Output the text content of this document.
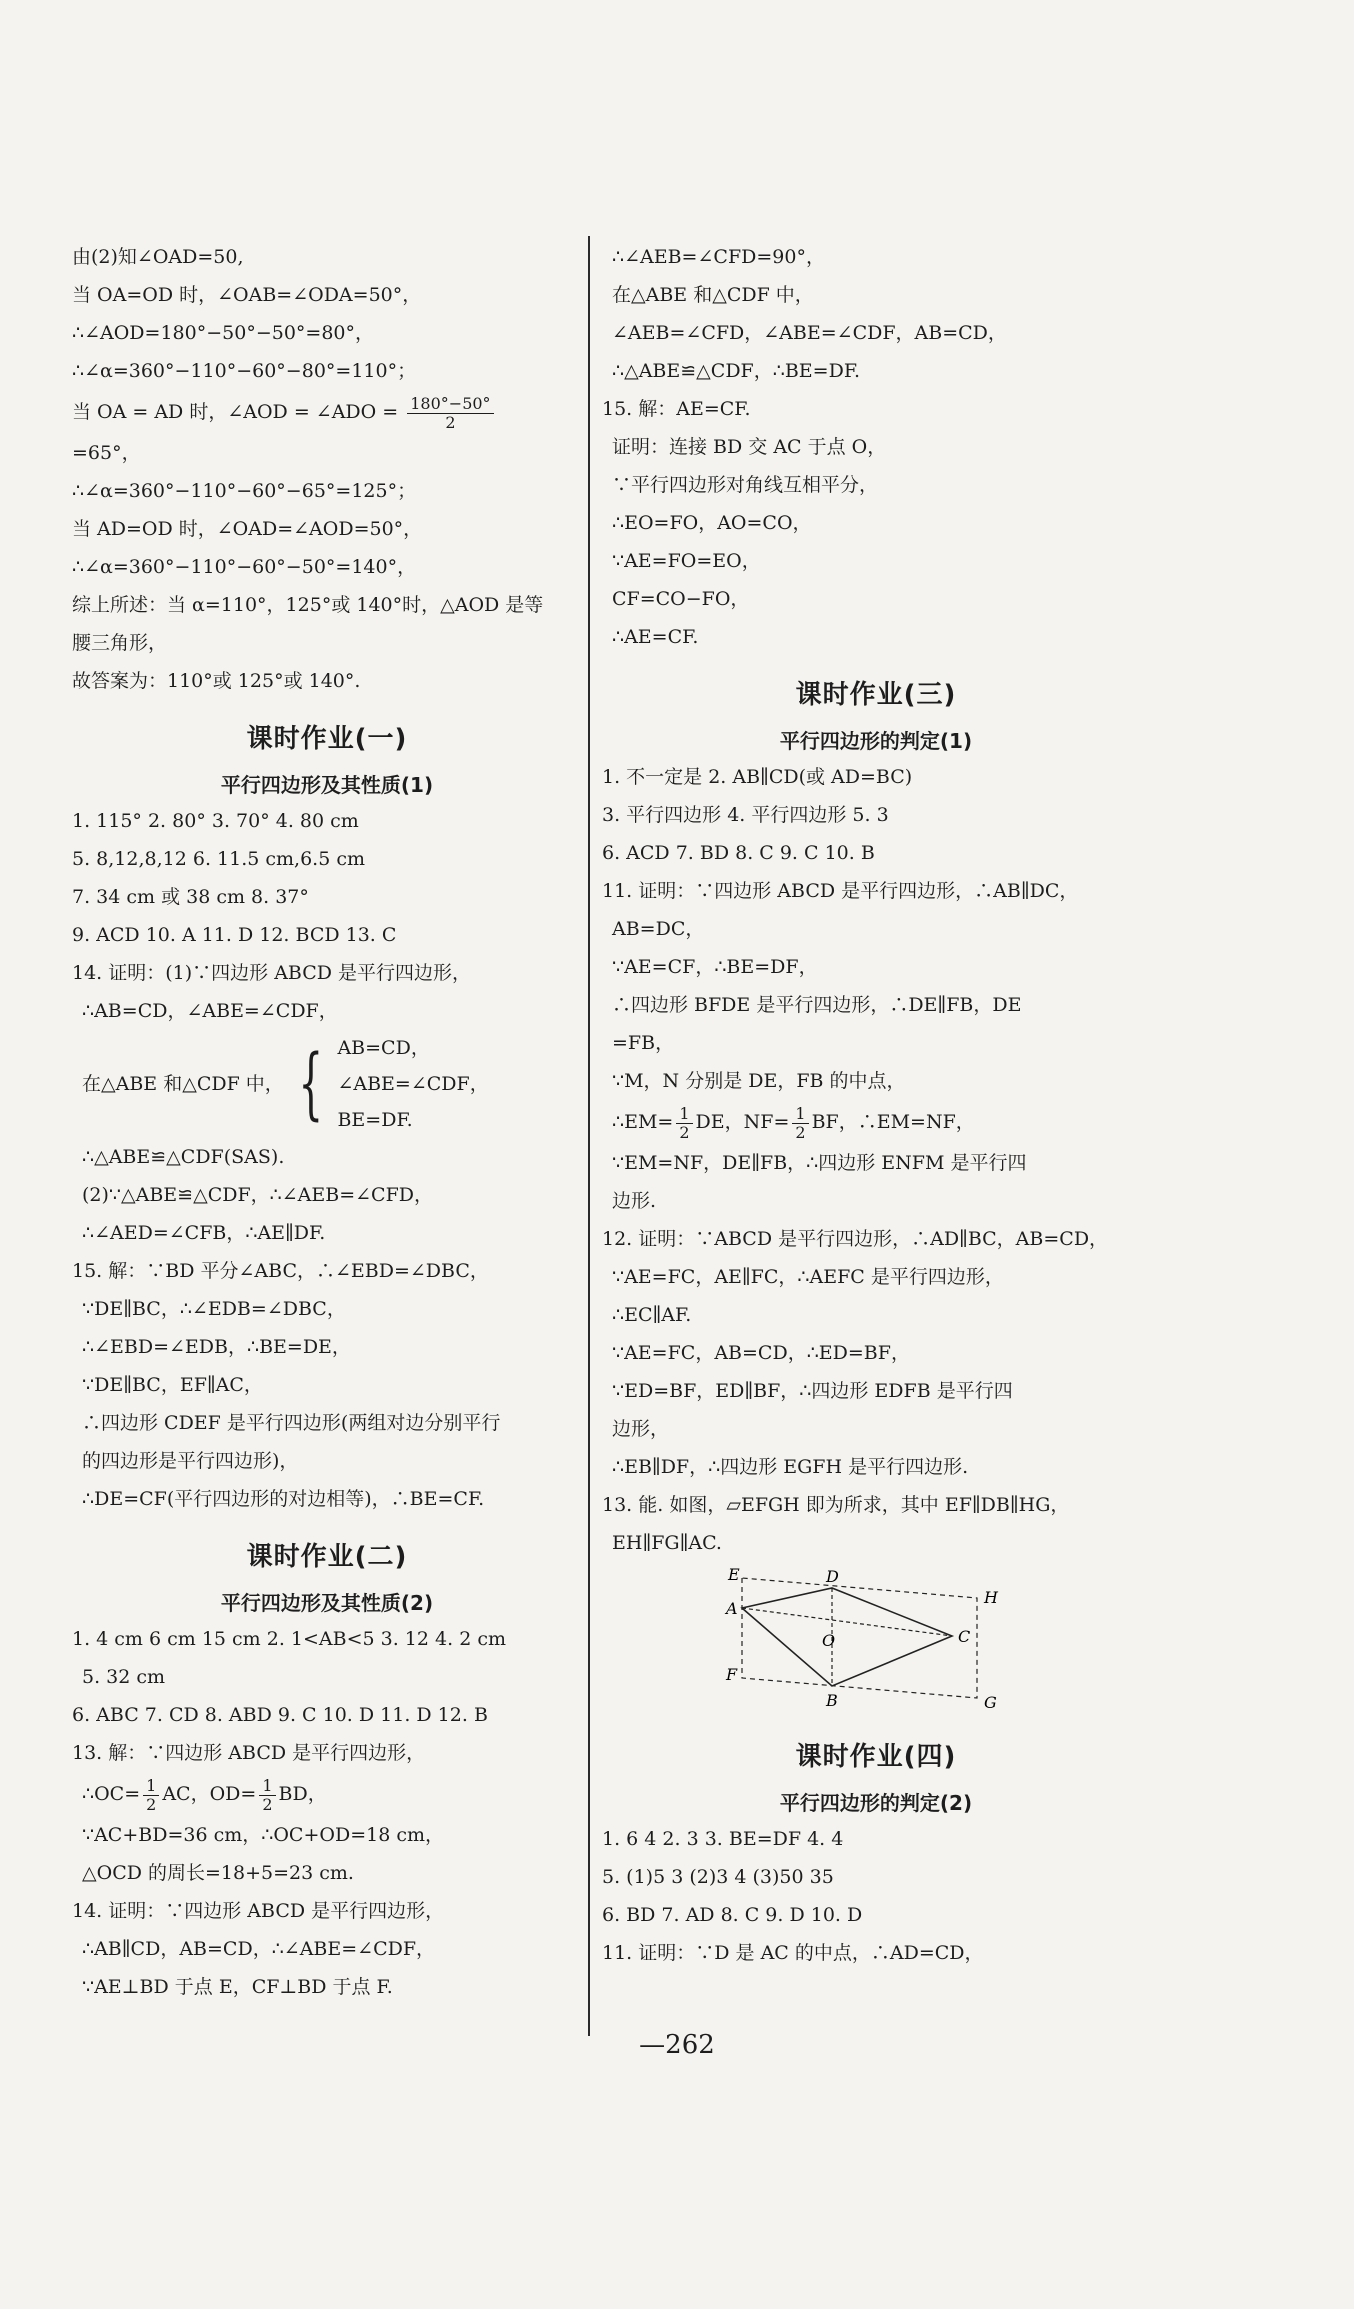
由(2)知∠OAD=50,
当 OA=OD 时，∠OAB=∠ODA=50°，
∴∠AOD=180°−50°−50°=80°，
∴∠α=360°−110°−60°−80°=110°；
当 OA = AD 时，∠AOD = ∠ADO = $\frac{180^\circ-50^\circ}{2}$
=65°，
∴∠α=360°−110°−60°−65°=125°；
当 AD=OD 时，∠OAD=∠AOD=50°，
∴∠α=360°−110°−60°−50°=140°，
综上所述：当 α=110°，125°或 140°时，△AOD 是等
腰三角形，
故答案为：110°或 125°或 140°.
课时作业(一)
平行四边形及其性质(1)
1. 115° 2. 80° 3. 70° 4. 80 cm
5. 8,12,8,12 6. 11.5 cm,6.5 cm
7. 34 cm 或 38 cm 8. 37°
9. ACD 10. A 11. D 12. BCD 13. C
14. 证明：(1)∵四边形 ABCD 是平行四边形，
∴AB=CD，∠ABE=∠CDF，
在△ABE 和△CDF 中， { AB=CD，
∠ABE=∠CDF，
BE=DF.
∴△ABE≌△CDF(SAS).
(2)∵△ABE≌△CDF，∴∠AEB=∠CFD，
∴∠AED=∠CFB，∴AE∥DF.
15. 解：∵BD 平分∠ABC，∴∠EBD=∠DBC，
∵DE∥BC，∴∠EDB=∠DBC，
∴∠EBD=∠EDB，∴BE=DE，
∵DE∥BC，EF∥AC，
∴四边形 CDEF 是平行四边形(两组对边分别平行
的四边形是平行四边形)，
∴DE=CF(平行四边形的对边相等)，∴BE=CF.
课时作业(二)
平行四边形及其性质(2)
1. 4 cm 6 cm 15 cm 2. 1<AB<5 3. 12 4. 2 cm
5. 32 cm
6. ABC 7. CD 8. ABD 9. C 10. D 11. D 12. B
13. 解：∵四边形 ABCD 是平行四边形，
∴OC= $\frac{1}{2}$ AC，$OD= \frac{1}{2}$ BD，
∵AC+BD=36 cm，∴OC+OD=18 cm，
△OCD 的周长=18+5=23 cm.
14. 证明：∵四边形 ABCD 是平行四边形，
∴AB∥CD，AB=CD，∴∠ABE=∠CDF，
∵AE⊥BD 于点 E，CF⊥BD 于点 F.
∴∠AEB=∠CFD=90°，
在△ABE 和△CDF 中，
∠AEB=∠CFD，∠ABE=∠CDF，AB=CD，
∴△ABE≌△CDF，∴BE=DF.
15. 解：AE=CF.
证明：连接 BD 交 AC 于点 O，
∵平行四边形对角线互相平分，
∴EO=FO，AO=CO，
∵AE=FO=EO，
CF=CO−FO，
∴AE=CF.
课时作业(三)
平行四边形的判定(1)
1. 不一定是 2. AB∥CD(或 AD=BC)
3. 平行四边形 4. 平行四边形 5. 3
6. ACD 7. BD 8. C 9. C 10. B
11. 证明：∵四边形 ABCD 是平行四边形，∴AB∥DC，
AB=DC，
∵AE=CF，∴BE=DF，
∴四边形 BFDE 是平行四边形，∴DE∥FB，DE
=FB，
∵M，N 分别是 DE，FB 的中点，
∴EM= $\frac{1}{2}$ DE，$NF= \frac{1}{2}$ BF，∴EM=NF，
∵EM=NF，DE∥FB，∴四边形 ENFM 是平行四
边形.
12. 证明：∵ABCD 是平行四边形，∴AD∥BC，AB=CD，
∵AE=FC，AE∥FC，∴AEFC 是平行四边形，
∴EC∥AF.
∵AE=FC，AB=CD，∴ED=BF，
∵ED=BF，ED∥BF，∴四边形 EDFB 是平行四
边形，
∴EB∥DF，∴四边形 EGFH 是平行四边形.
13. 能. 如图，▱EFGH 即为所求，其中 EF∥DB∥HG，
EH∥FG∥AC.
E	D
A
H
O	C
F
B	G
课时作业(四)
平行四边形的判定(2)
1. 6 4 2. 3 3. BE=DF 4. 4
5. (1)5 3 (2)3 4 (3)50 35
6. BD 7. AD 8. C 9. D 10. D
11. 证明：∵D 是 AC 的中点，∴AD=CD，
—262
